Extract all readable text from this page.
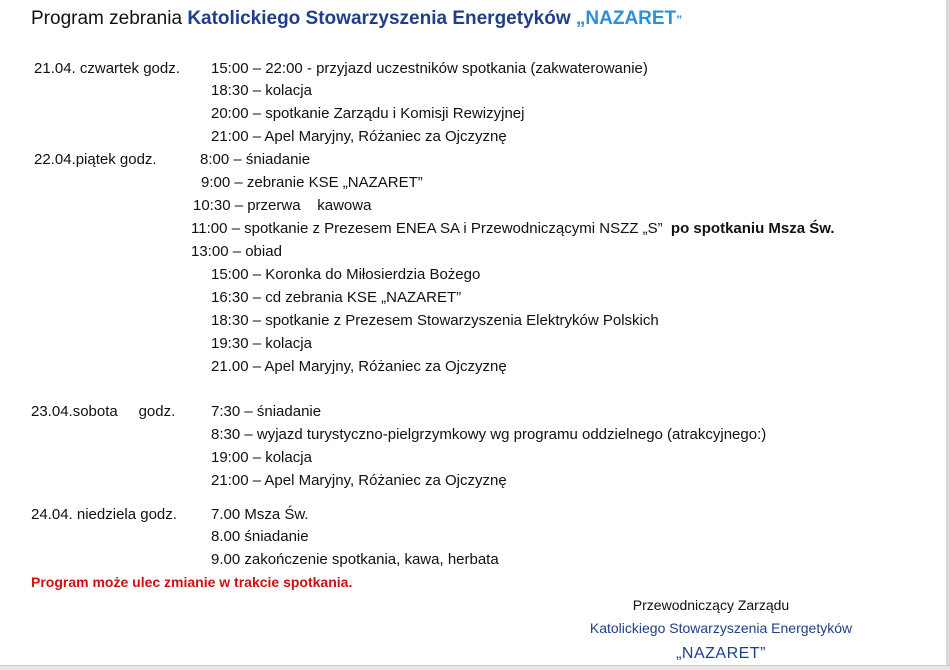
Program zebrania Katolickiego Stowarzyszenia Energetyków „NAZARET”
21.04. czwartek godz. 15:00 – 22:00 - przyjazd uczestników spotkania (zakwaterowanie)
18:30 – kolacja
20:00 – spotkanie Zarządu i Komisji Rewizyjnej
21:00 – Apel Maryjny, Różaniec za Ojczyznę
22.04.piątek godz.	8:00 – śniadanie
9:00 – zebranie KSE „NAZARET”
10:30 – przerwa    kawowa
11:00 – spotkanie z Prezesem ENEA SA i Przewodniczącymi NSZZ „S” po spotkaniu Msza Św.
13:00 – obiad
15:00 – Koronka do Miłosierdzia Bożego
16:30 – cd zebrania KSE „NAZARET”
18:30 – spotkanie z Prezesem Stowarzyszenia Elektryków Polskich
19:30 – kolacja
21.00 – Apel Maryjny, Różaniec za Ojczyznę
23.04.sobota     godz. 7:30 – śniadanie
8:30 – wyjazd turystyczno-pielgrzymkowy wg programu oddzielnego (atrakcyjnego:)
19:00 – kolacja
21:00 – Apel Maryjny, Różaniec za Ojczyznę
24.04. niedziela godz. 7.00 Msza Św.
8.00 śniadanie
9.00 zakończenie spotkania, kawa, herbata
Program może ulec zmianie w trakcie spotkania.
Przewodniczący Zarządu
Katolickiego Stowarzyszenia Energetyków
„NAZARET”
